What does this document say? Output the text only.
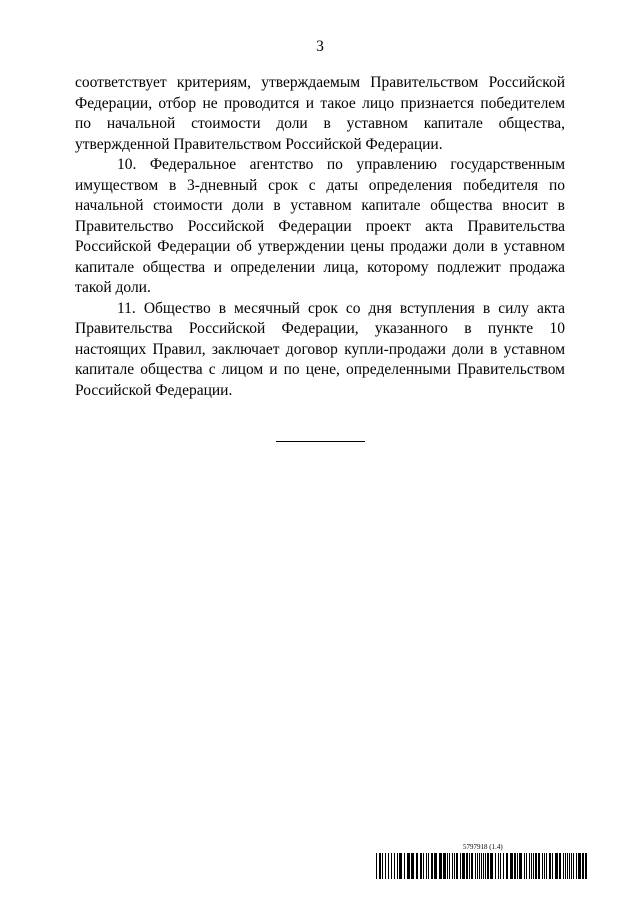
3

соответствует критериям, утверждаемым Правительством Российской Федерации, отбор не проводится и такое лицо признается победителем по начальной стоимости доли в уставном капитале общества, утвержденной Правительством Российской Федерации.

10. Федеральное агентство по управлению государственным имуществом в 3-дневный срок с даты определения победителя по начальной стоимости доли в уставном капитале общества вносит в Правительство Российской Федерации проект акта Правительства Российской Федерации об утверждении цены продажи доли в уставном капитале общества и определении лица, которому подлежит продажа такой доли.

11. Общество в месячный срок со дня вступления в силу акта Правительства Российской Федерации, указанного в пункте 10 настоящих Правил, заключает договор купли-продажи доли в уставном капитале общества с лицом и по цене, определенными Правительством Российской Федерации.

5797918 (1.4)
